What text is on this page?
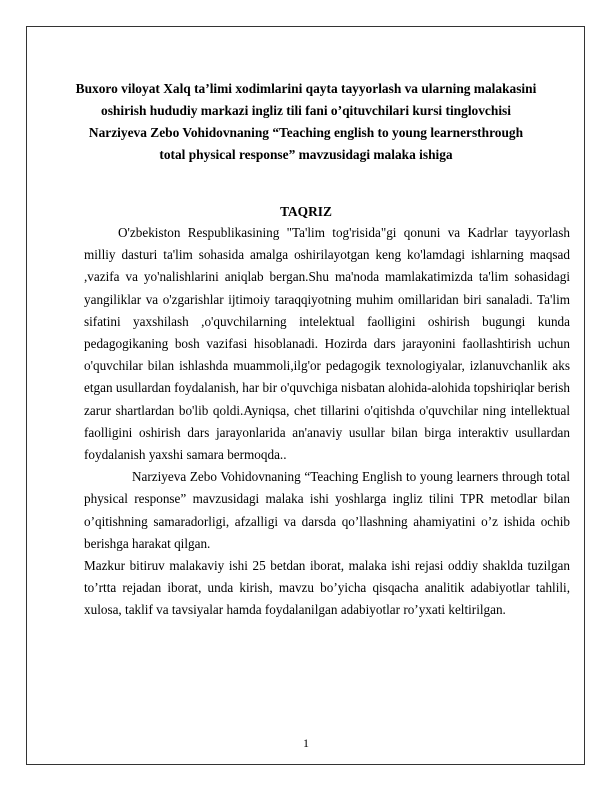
Buxoro viloyat Xalq ta’limi xodimlarini qayta tayyorlash va ularning malakasini
oshirish hududiy markazi ingliz tili fani o’qituvchilari kursi tinglovchisi
Narziyeva Zebo Vohidovnaning “Teaching english to young learnersthrough
total physical response” mavzusidagi malaka ishiga
TAQRIZ

O'zbekiston Respublikasining "Ta'lim tog'risida"gi qonuni va Kadrlar tayyorlash milliy dasturi ta'lim sohasida amalga oshirilayotgan keng ko'lamdagi ishlarning maqsad ,vazifa va yo'nalishlarini aniqlab bergan.Shu ma'noda mamlakatimizda ta'lim sohasidagi yangiliklar va o'zgarishlar ijtimoiy taraqqiyotning muhim omillaridan biri sanaladi. Ta'lim sifatini yaxshilash ,o'quvchilarning intelektual faolligini oshirish bugungi kunda pedagogikaning bosh vazifasi hisoblanadi. Hozirda dars jarayonini faollashtirish uchun o'quvchilar bilan ishlashda muammoli,ilg'or pedagogik texnologiyalar, izlanuvchanlik aks etgan usullardan foydalanish, har bir o'quvchiga nisbatan alohida-alohida topshiriqlar berish zarur shartlardan bo'lib qoldi.Ayniqsa, chet tillarini o'qitishda o'quvchilar ning intellektual faolligini oshirish dars jarayonlarida an'anaviy usullar bilan birga interaktiv usullardan foydalanish yaxshi samara bermoqda..

Narziyeva Zebo Vohidovnaning “Teaching English to young learners through total physical response” mavzusidagi malaka ishi yoshlarga ingliz tilini TPR metodlar bilan o’qitishning samaradorligi, afzalligi va darsda qo’llashning ahamiyatini o’z ishida ochib berishga harakat qilgan.

Mazkur bitiruv malakaviy ishi 25 betdan iborat, malaka ishi rejasi oddiy shaklda tuzilgan to’rtta rejadan iborat, unda kirish, mavzu bo’yicha qisqacha analitik adabiyotlar tahlili, xulosa, taklif va tavsiyalar hamda foydalanilgan adabiyotlar ro’yxati keltirilgan.

1
